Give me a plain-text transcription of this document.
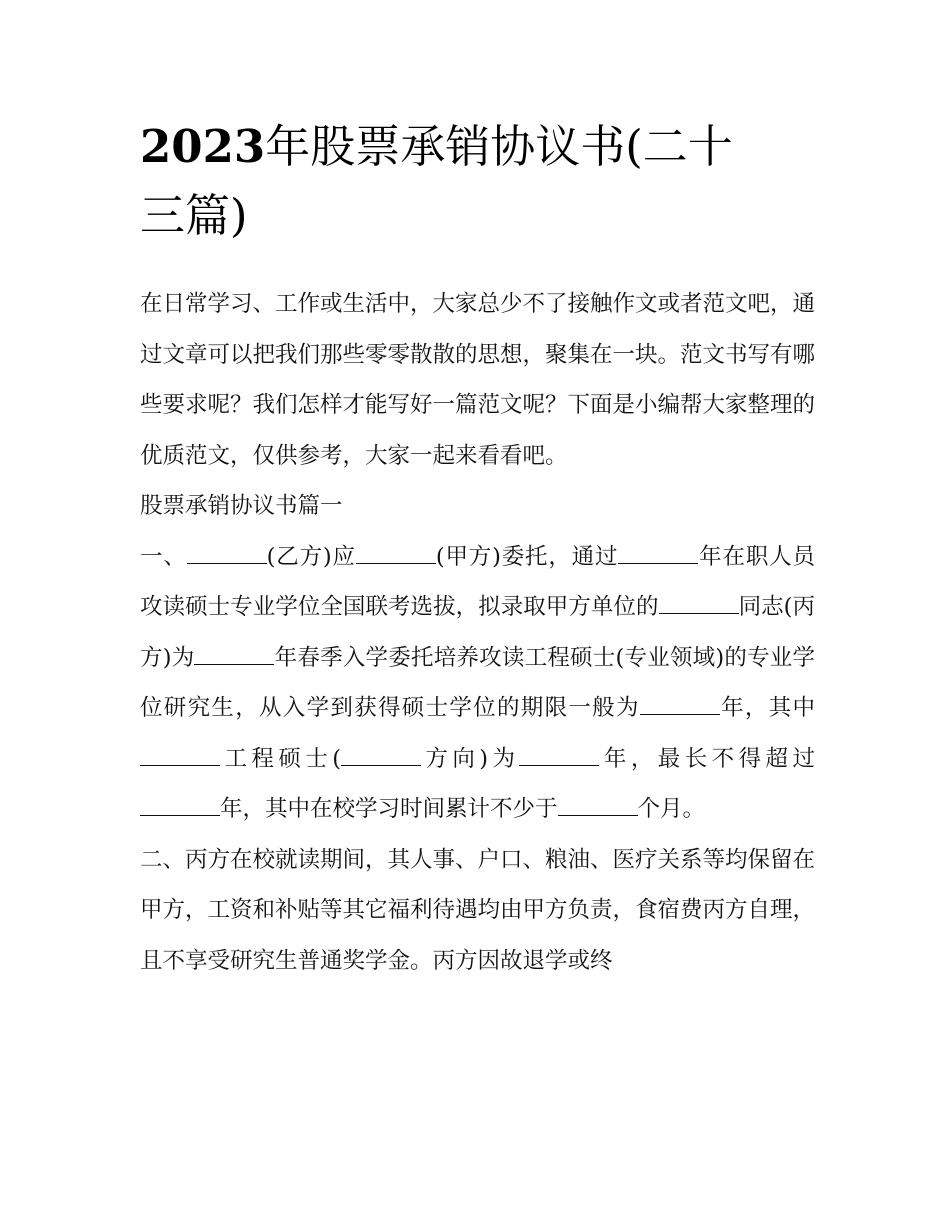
2023年股票承销协议书(二十
三篇)

在日常学习、工作或生活中，大家总少不了接触作文或者范文吧，通过文章可以把我们那些零零散散的思想，聚集在一块。范文书写有哪些要求呢？我们怎样才能写好一篇范文呢？下面是小编帮大家整理的优质范文，仅供参考，大家一起来看看吧。

股票承销协议书篇一

一、	(乙方)应	(甲方)委托，通过	年在职人员攻读硕士专业学位全国联考选拔，拟录取甲方单位的	同志(丙方)为	年春季入学委托培养攻读工程硕士(专业领域)的专业学位研究生，从入学到获得硕士学位的期限一般为	年，其中工程硕士(	方向)为	年，最长不得超过年，其中在校学习时间累计不少于	个月。

二、丙方在校就读期间，其人事、户口、粮油、医疗关系等均保留在甲方，工资和补贴等其它福利待遇均由甲方负责，食宿费丙方自理，且不享受研究生普通奖学金。丙方因故退学或终
